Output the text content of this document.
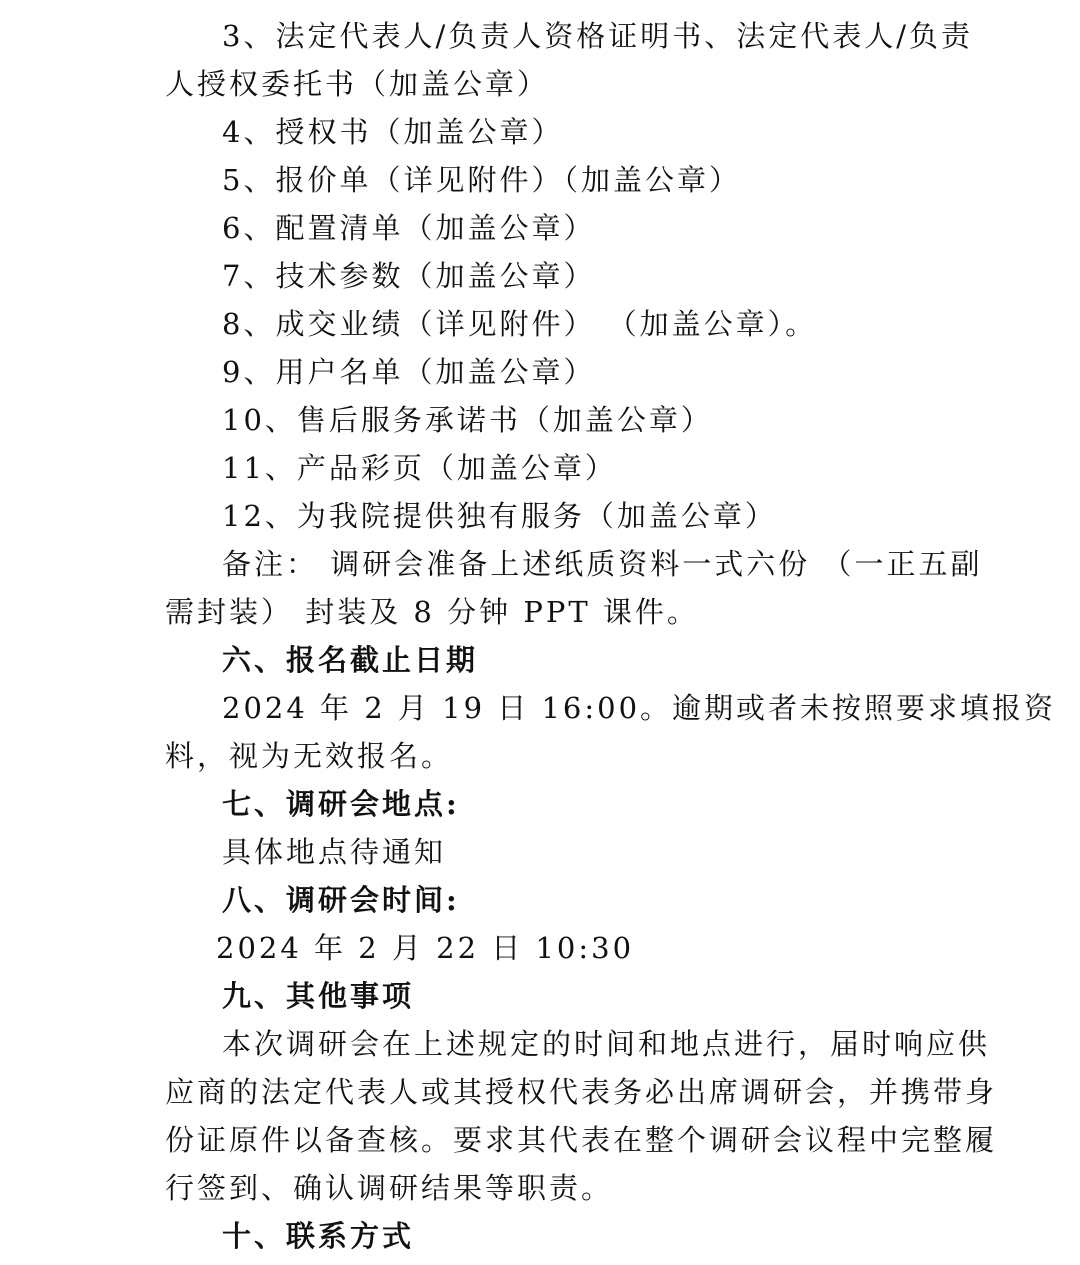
3、法定代表人/负责人资格证明书、法定代表人/负责
人授权委托书（加盖公章）
4、授权书（加盖公章）
5、报价单（详见附件）（加盖公章）
6、配置清单（加盖公章）
7、技术参数（加盖公章）
8、成交业绩（详见附件） （加盖公章）。
9、用户名单（加盖公章）
10、售后服务承诺书（加盖公章）
11、产品彩页（加盖公章）
12、为我院提供独有服务（加盖公章）
备注： 调研会准备上述纸质资料一式六份 （一正五副
需封装） 封装及 8 分钟 PPT 课件。
六、报名截止日期
2024 年 2 月 19 日 16:00。逾期或者未按照要求填报资
料，视为无效报名。
七、调研会地点:
具体地点待通知
八、调研会时间:
2024 年 2 月 22 日 10:30
九、其他事项
本次调研会在上述规定的时间和地点进行，届时响应供
应商的法定代表人或其授权代表务必出席调研会，并携带身
份证原件以备查核。要求其代表在整个调研会议程中完整履
行签到、确认调研结果等职责。
十、联系方式
